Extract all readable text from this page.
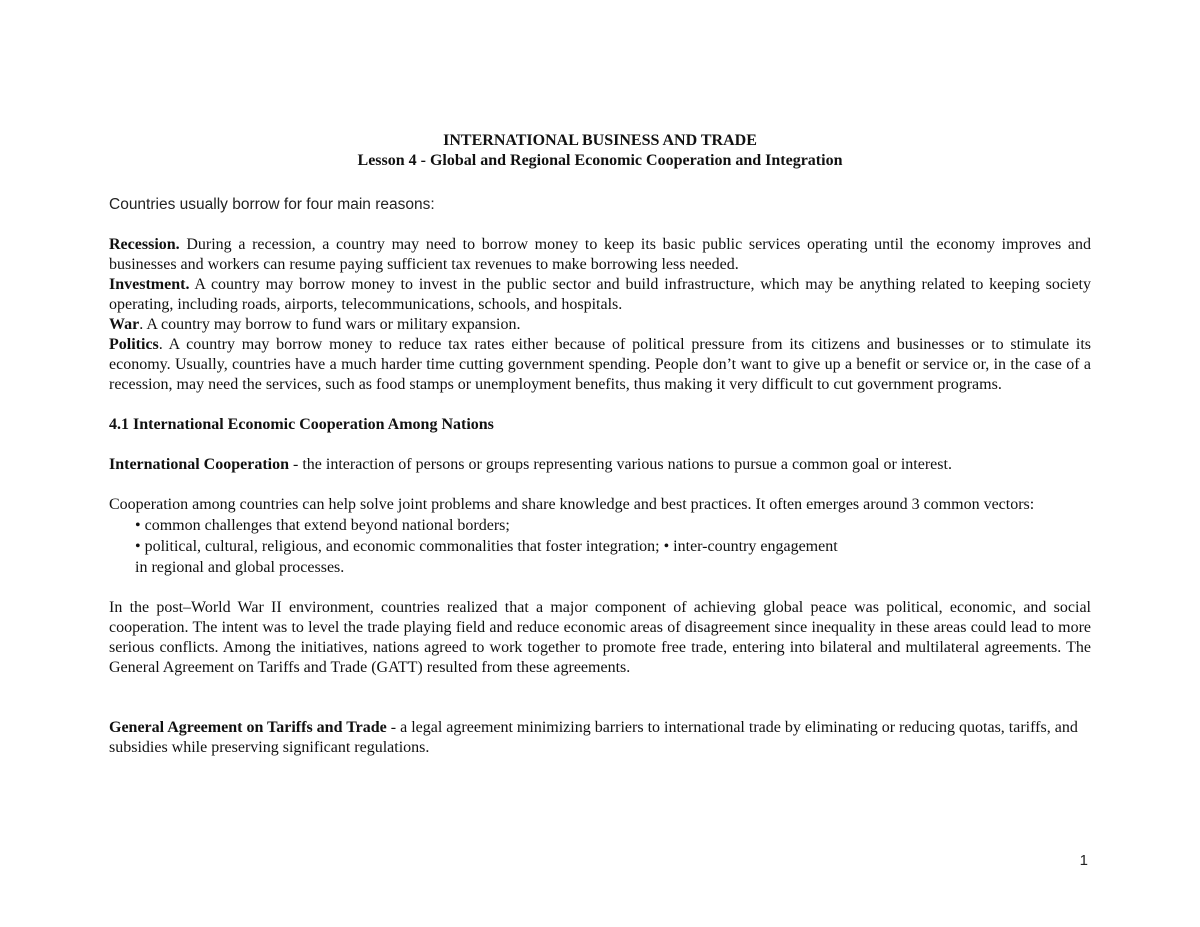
INTERNATIONAL BUSINESS AND TRADE
Lesson 4 - Global and Regional Economic Cooperation and Integration

Countries usually borrow for four main reasons:

Recession. During a recession, a country may need to borrow money to keep its basic public services operating until the economy improves and businesses and workers can resume paying sufficient tax revenues to make borrowing less needed.

Investment. A country may borrow money to invest in the public sector and build infrastructure, which may be anything related to keeping society operating, including roads, airports, telecommunications, schools, and hospitals.

War. A country may borrow to fund wars or military expansion.

Politics. A country may borrow money to reduce tax rates either because of political pressure from its citizens and businesses or to stimulate its economy. Usually, countries have a much harder time cutting government spending. People don’t want to give up a benefit or service or, in the case of a recession, may need the services, such as food stamps or unemployment benefits, thus making it very difficult to cut government programs.

4.1 International Economic Cooperation Among Nations

International Cooperation - the interaction of persons or groups representing various nations to pursue a common goal or interest.

Cooperation among countries can help solve joint problems and share knowledge and best practices. It often emerges around 3 common vectors:

• common challenges that extend beyond national borders;
• political, cultural, religious, and economic commonalities that foster integration; • inter-country engagement
in regional and global processes.

In the post–World War II environment, countries realized that a major component of achieving global peace was political, economic, and social cooperation. The intent was to level the trade playing field and reduce economic areas of disagreement since inequality in these areas could lead to more serious conflicts. Among the initiatives, nations agreed to work together to promote free trade, entering into bilateral and multilateral agreements. The General Agreement on Tariffs and Trade (GATT) resulted from these agreements.

General Agreement on Tariffs and Trade - a legal agreement minimizing barriers to international trade by eliminating or reducing quotas, tariffs, and subsidies while preserving significant regulations.

1
